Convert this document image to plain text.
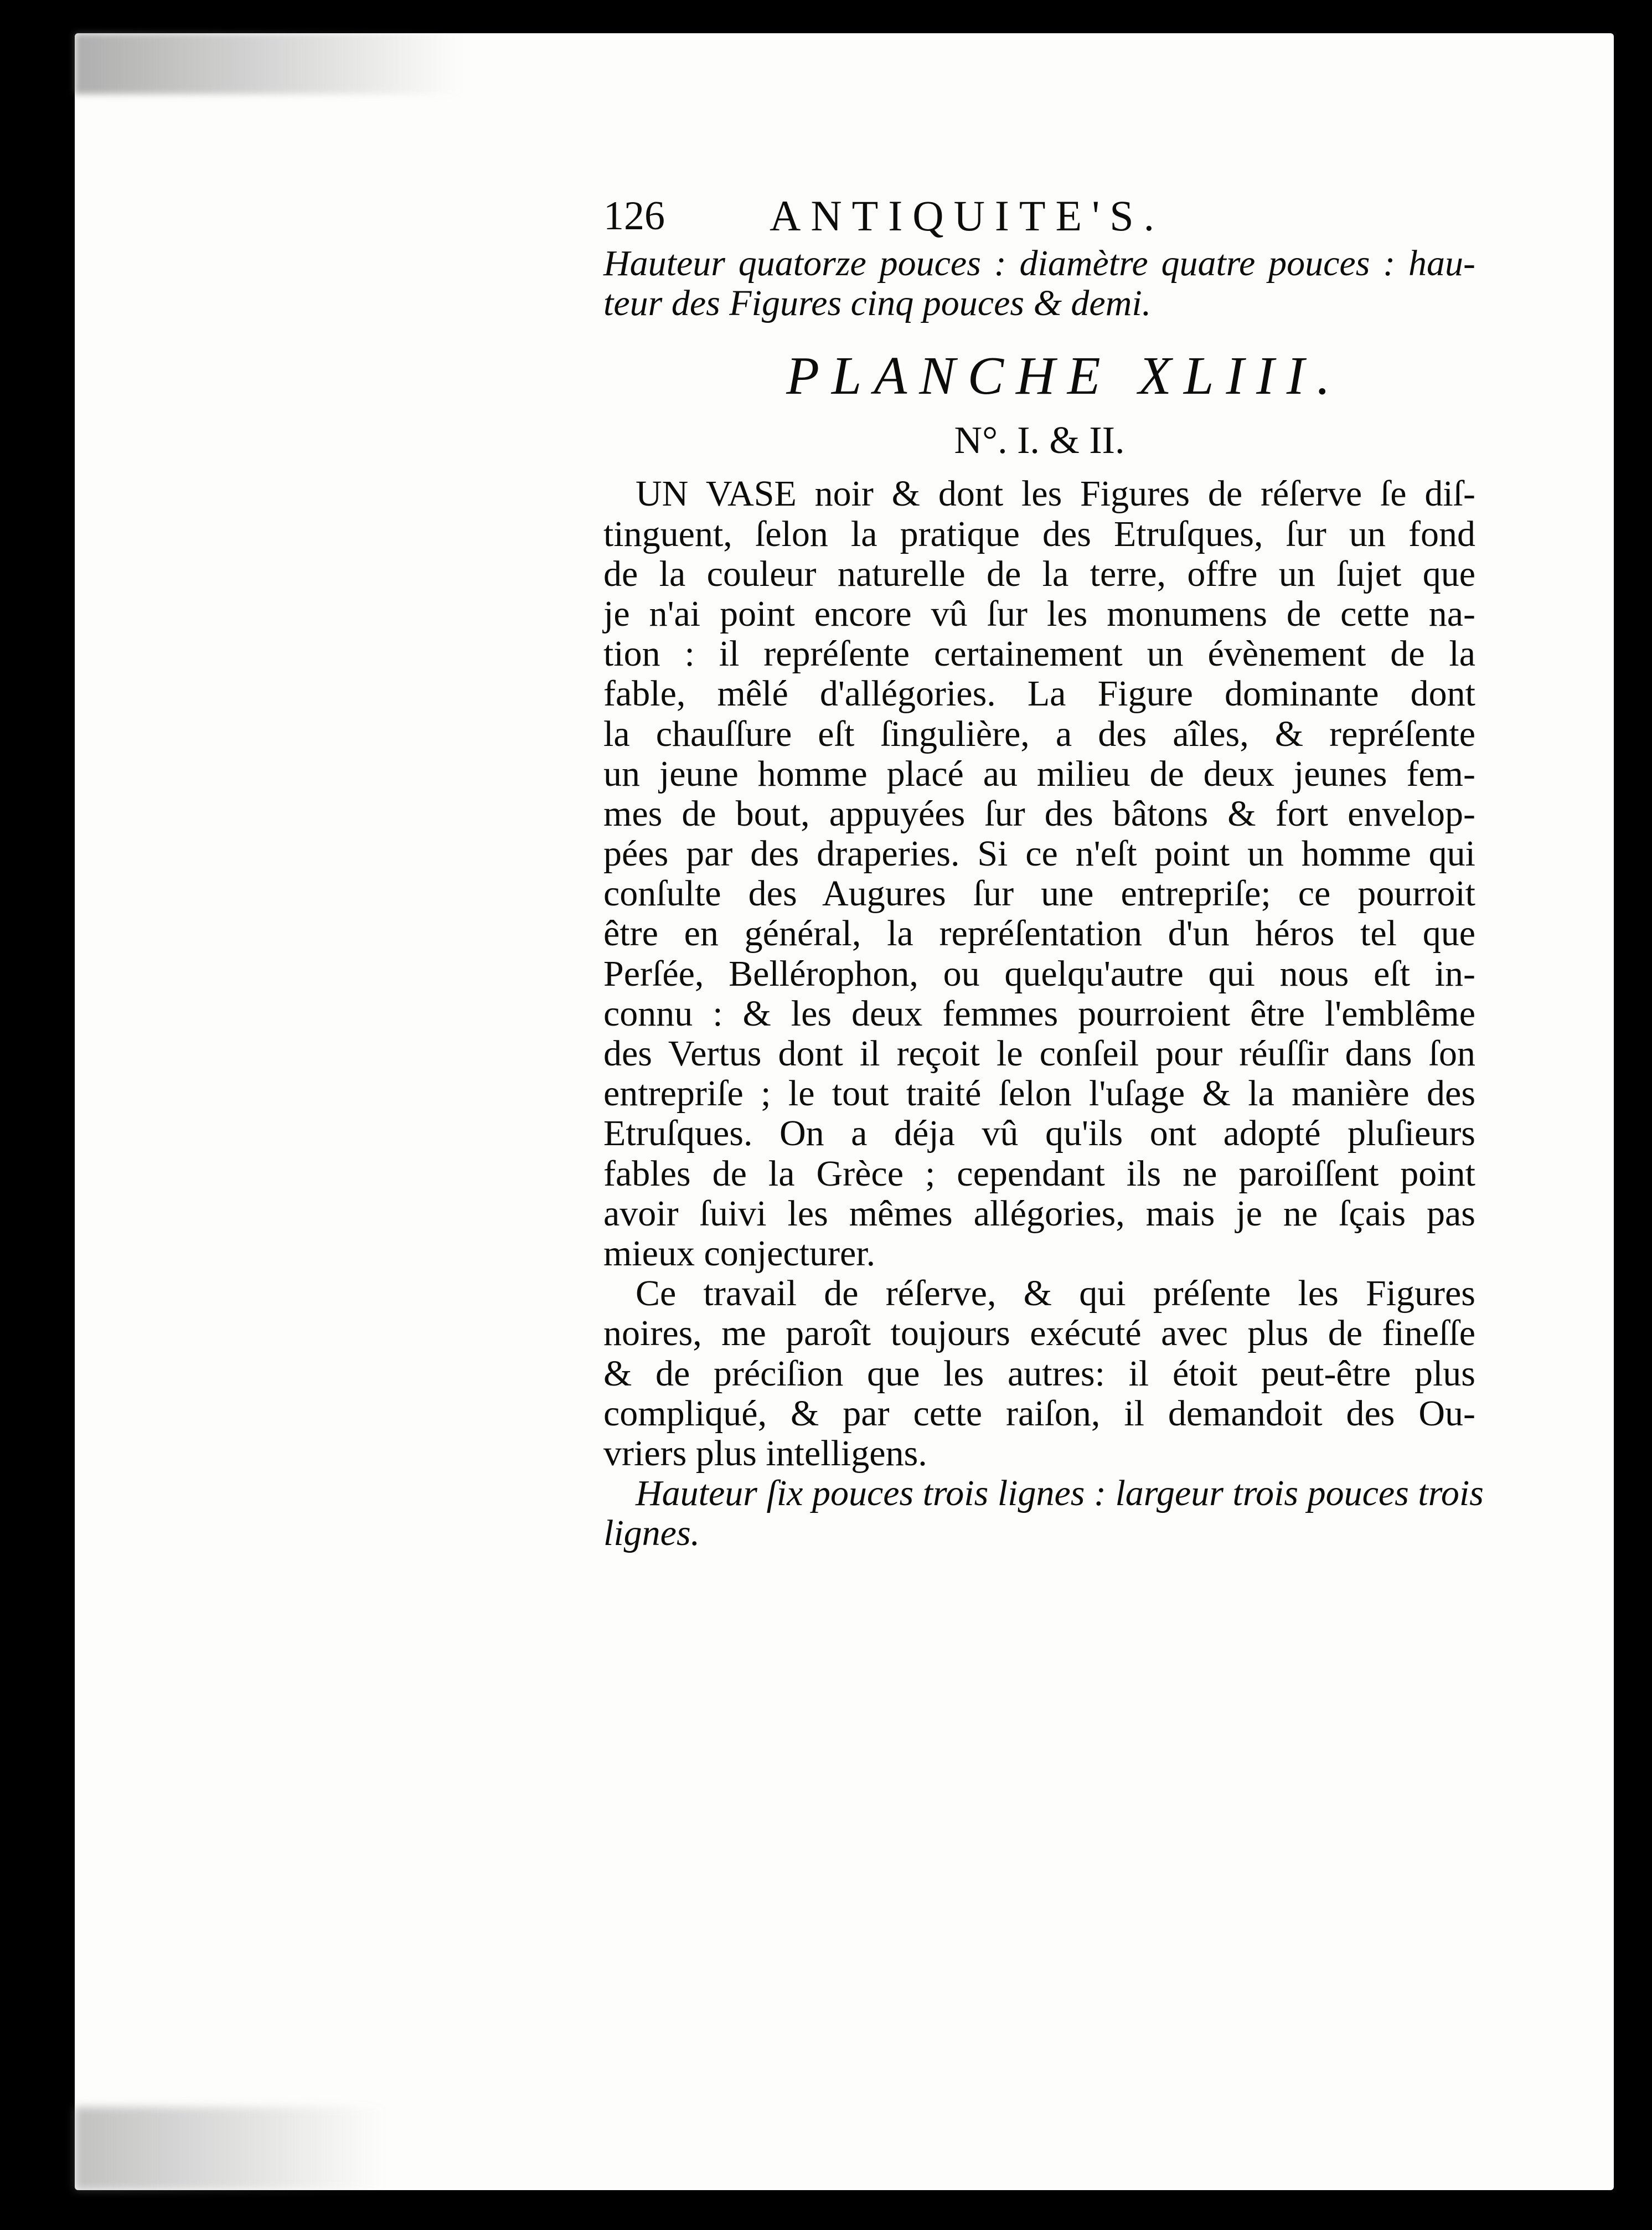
126 ANTIQUITE'S.
Hauteur quatorze pouces : diamètre quatre pouces : hau-
teur des Figures cinq pouces & demi.
PLANCHE XLIII.
N°. I. & II.
UN VASE noir & dont les Figures de réſerve ſe diſ-
tinguent, ſelon la pratique des Etruſques, ſur un fond
de la couleur naturelle de la terre, offre un ſujet que
je n'ai point encore vû ſur les monumens de cette na-
tion : il repréſente certainement un évènement de la
fable, mêlé d'allégories. La Figure dominante dont
la chauſſure eſt ſingulière, a des aîles, & repréſente
un jeune homme placé au milieu de deux jeunes fem-
mes de bout, appuyées ſur des bâtons & fort envelop-
pées par des draperies. Si ce n'eſt point un homme qui
conſulte des Augures ſur une entrepriſe; ce pourroit
être en général, la repréſentation d'un héros tel que
Perſée, Bellérophon, ou quelqu'autre qui nous eſt in-
connu : & les deux femmes pourroient être l'emblême
des Vertus dont il reçoit le conſeil pour réuſſir dans ſon
entrepriſe ; le tout traité ſelon l'uſage & la manière des
Etruſques. On a déja vû qu'ils ont adopté pluſieurs
fables de la Grèce ; cependant ils ne paroiſſent point
avoir ſuivi les mêmes allégories, mais je ne ſçais pas
mieux conjecturer.
Ce travail de réſerve, & qui préſente les Figures
noires, me paroît toujours exécuté avec plus de fineſſe
& de préciſion que les autres: il étoit peut-être plus
compliqué, & par cette raiſon, il demandoit des Ou-
vriers plus intelligens.
Hauteur ſix pouces trois lignes : largeur trois pouces trois
lignes.
